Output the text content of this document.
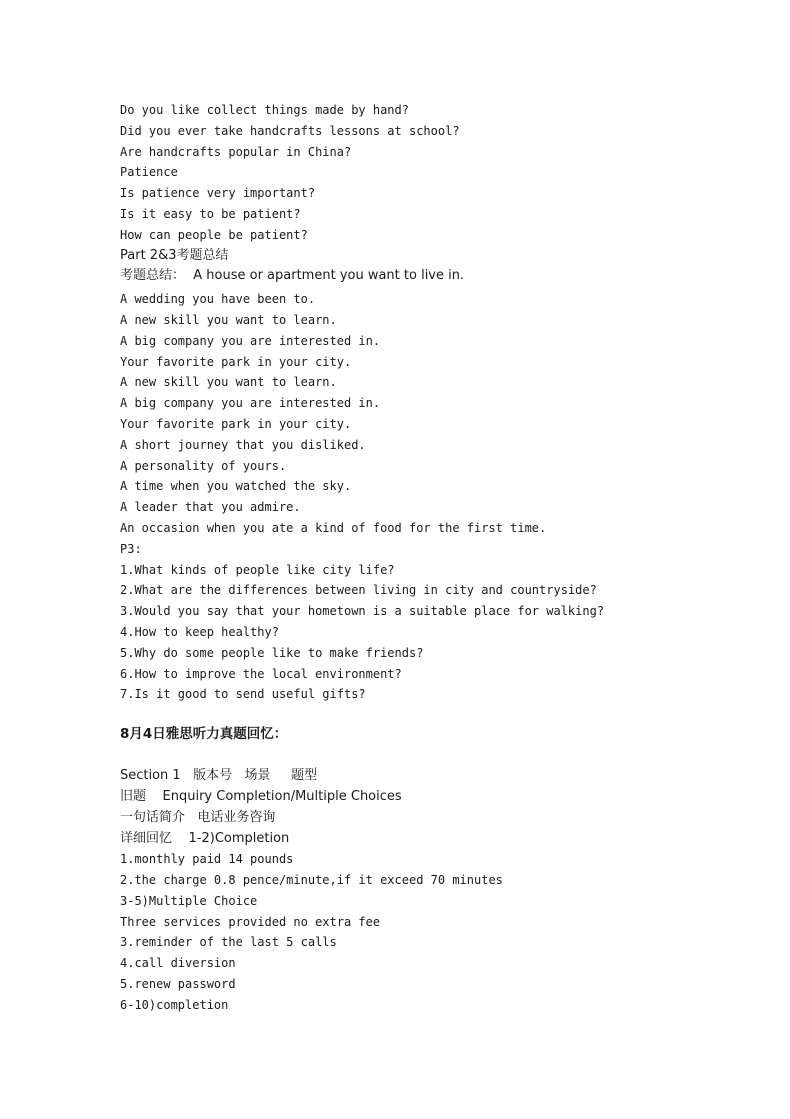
Do you like collect things made by hand?
Did you ever take handcrafts lessons at school?
Are handcrafts popular in China?
Patience
Is patience very important?
Is it easy to be patient?
How can people be patient?
Part 2&3考题总结
考题总结：  A house or apartment you want to live in.
A wedding you have been to.
A new skill you want to learn.
A big company you are interested in.
Your favorite park in your city.
A new skill you want to learn.
A big company you are interested in.
Your favorite park in your city.
A short journey that you disliked.
A personality of yours.
A time when you watched the sky.
A leader that you admire.
An occasion when you ate a kind of food for the first time.
P3:
1.What kinds of people like city life?
2.What are the differences between living in city and countryside?
3.Would you say that your hometown is a suitable place for walking?
4.How to keep healthy?
5.Why do some people like to make friends?
6.How to improve the local environment?
7.Is it good to send useful gifts?
8月4日雅思听力真题回忆：
Section 1   版本号   场景     题型
旧题    Enquiry Completion/Multiple Choices
一句话简介   电话业务咨询
详细回忆    1-2)Completion
1.monthly paid 14 pounds
2.the charge 0.8 pence/minute,if it exceed 70 minutes
3-5)Multiple Choice
Three services provided no extra fee
3.reminder of the last 5 calls
4.call diversion
5.renew password
6-10)completion
